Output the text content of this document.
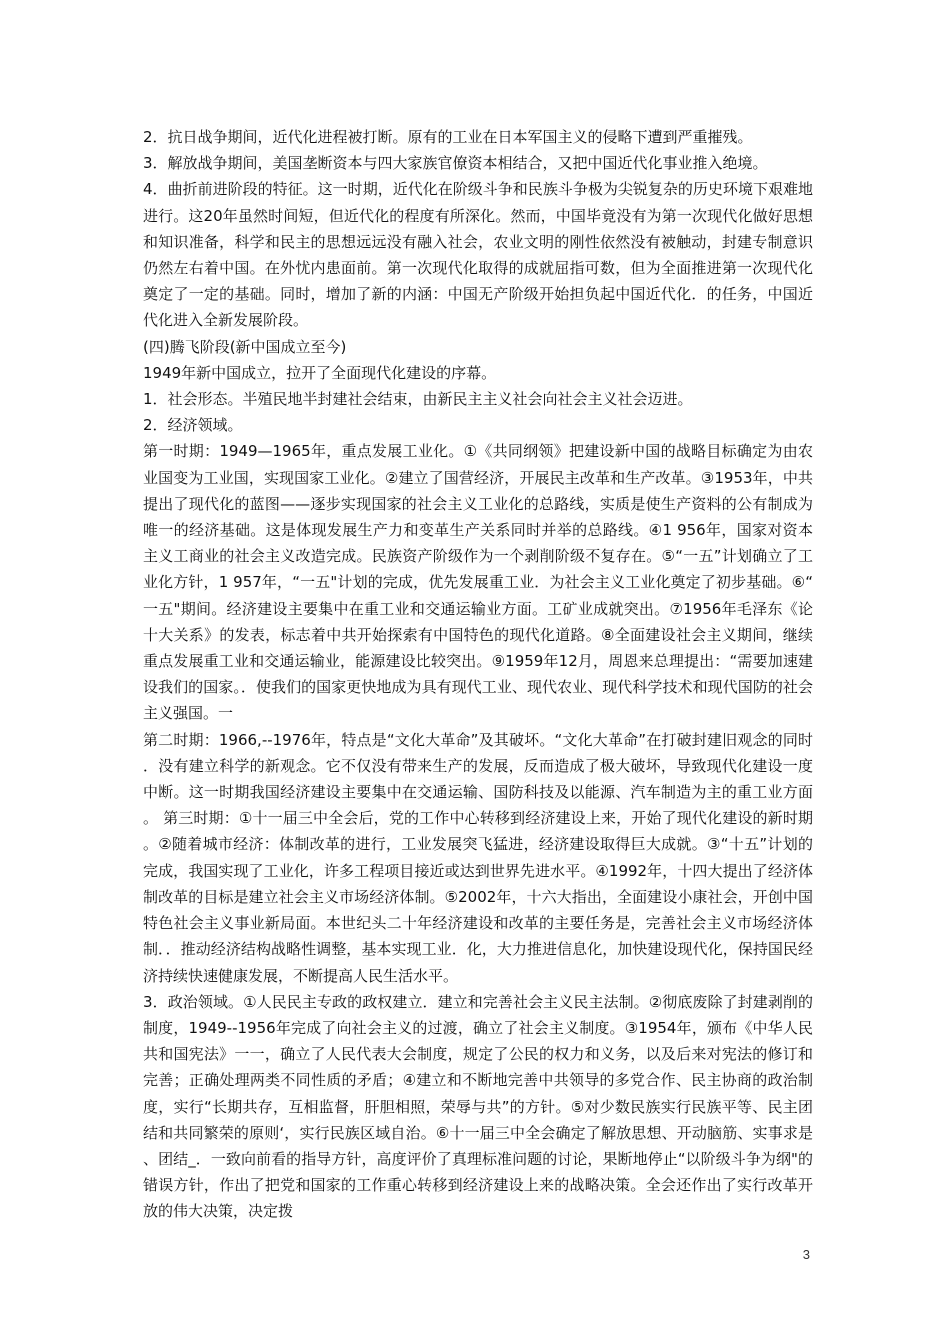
2．抗日战争期间，近代化进程被打断。原有的工业在日本军国主义的侵略下遭到严重摧残。

3．解放战争期间，美国垄断资本与四大家族官僚资本相结合，又把中国近代化事业推入绝境。

4．曲折前进阶段的特征。这一时期，近代化在阶级斗争和民族斗争极为尖锐复杂的历史环境下艰难地进行。这20年虽然时间短，但近代化的程度有所深化。然而，中国毕竟没有为第一次现代化做好思想和知识准备，科学和民主的思想远远没有融入社会，农业文明的刚性依然没有被触动，封建专制意识仍然左右着中国。在外忧内患面前。第一次现代化取得的成就屈指可数，但为全面推进第一次现代化奠定了一定的基础。同时，增加了新的内涵：中国无产阶级开始担负起中国近代化．的任务，中国近代化进入全新发展阶段。

(四)腾飞阶段(新中国成立至今)

1949年新中国成立，拉开了全面现代化建设的序幕。

1．社会形态。半殖民地半封建社会结束，由新民主主义社会向社会主义社会迈进。

2．经济领域。

第一时期：1949—1965年，重点发展工业化。①《共同纲领》把建设新中国的战略目标确定为由农业国变为工业国，实现国家工业化。②建立了国营经济，开展民主改革和生产改革。③1953年，中共提出了现代化的蓝图——逐步实现国家的社会主义工业化的总路线，实质是使生产资料的公有制成为唯一的经济基础。这是体现发展生产力和变革生产关系同时并举的总路线。④1 956年，国家对资本主义工商业的社会主义改造完成。民族资产阶级作为一个剥削阶级不复存在。⑤“一五”计划确立了工业化方针，1 957年，“一五"计划的完成，优先发展重工业．为社会主义工业化奠定了初步基础。⑥“一五"期间。经济建设主要集中在重工业和交通运输业方面。工矿业成就突出。⑦1956年毛泽东《论十大关系》的发表，标志着中共开始探索有中国特色的现代化道路。⑧全面建设社会主义期间，继续重点发展重工业和交通运输业，能源建设比较突出。⑨1959年12月，周恩来总理提出：“需要加速建设我们的国家。．使我们的国家更快地成为具有现代工业、现代农业、现代科学技术和现代国防的社会主义强国。一

第二时期：1966,--1976年，特点是“文化大革命”及其破坏。“文化大革命”在打破封建旧观念的同时．没有建立科学的新观念。它不仅没有带来生产的发展，反而造成了极大破坏，导致现代化建设一度中断。这一时期我国经济建设主要集中在交通运输、国防科技及以能源、汽车制造为主的重工业方面。 第三时期：①十一届三中全会后，党的工作中心转移到经济建设上来，开始了现代化建设的新时期。②随着城市经济：体制改革的进行，工业发展突飞猛进，经济建设取得巨大成就。③“十五”计划的完成，我国实现了工业化，许多工程项目接近或达到世界先进水平。④1992年，十四大提出了经济体制改革的目标是建立社会主义市场经济体制。⑤2002年，十六大指出，全面建设小康社会，开创中国特色社会主义事业新局面。本世纪头二十年经济建设和改革的主要任务是，完善社会主义市场经济体制．．推动经济结构战略性调整，基本实现工业．化，大力推进信息化，加快建设现代化，保持国民经济持续快速健康发展，不断提高人民生活水平。

3．政治领域。①人民民主专政的政权建立．建立和完善社会主义民主法制。②彻底废除了封建剥削的制度，1949--1956年完成了向社会主义的过渡，确立了社会主义制度。③1954年，颁布《中华人民共和国宪法》一一，确立了人民代表大会制度，规定了公民的权力和义务，以及后来对宪法的修订和完善；正确处理两类不同性质的矛盾；④建立和不断地完善中共领导的多党合作、民主协商的政治制度，实行“长期共存，互相监督，肝胆相照，荣辱与共”的方针。⑤对少数民族实行民族平等、民主团结和共同繁荣的原则‘，实行民族区域自治。⑥十一届三中全会确定了解放思想、开动脑筋、实事求是、团结_．一致向前看的指导方针，高度评价了真理标准问题的讨论，果断地停止“以阶级斗争为纲"的错误方针，作出了把党和国家的工作重心转移到经济建设上来的战略决策。全会还作出了实行改革开放的伟大决策，决定拨

3
